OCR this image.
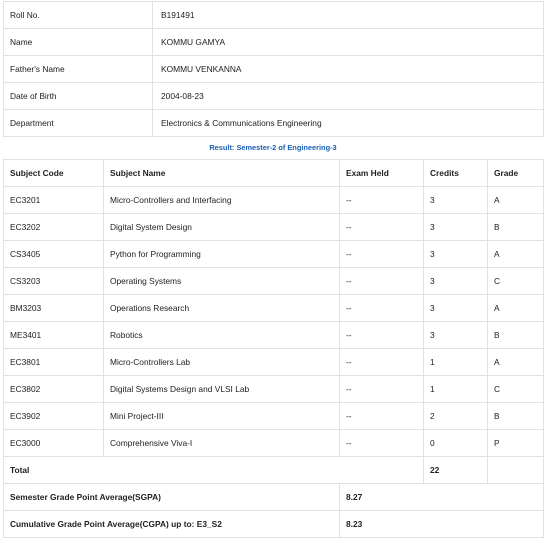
Roll No.	B191491
Name	KOMMU GAMYA
Father's Name	KOMMU VENKANNA
Date of Birth	2004-08-23
Department	Electronics & Communications Engineering
Result: Semester-2 of Engineering-3
Subject Code	Subject Name	Exam Held	Credits	Grade
EC3201	Micro-Controllers and Interfacing	--	3	A
EC3202	Digital System Design	--	3	B
CS3405	Python for Programming	--	3	A
CS3203	Operating Systems	--	3	C
BM3203	Operations Research	--	3	A
ME3401	Robotics	--	3	B
EC3801	Micro-Controllers Lab	--	1	A
EC3802	Digital Systems Design and VLSI Lab	--	1	C
EC3902	Mini Project-III	--	2	B
EC3000	Comprehensive Viva-I	--	0	P
Total			22	
Semester Grade Point Average(SGPA)	8.27
Cumulative Grade Point Average(CGPA) up to: E3_S2	8.23
